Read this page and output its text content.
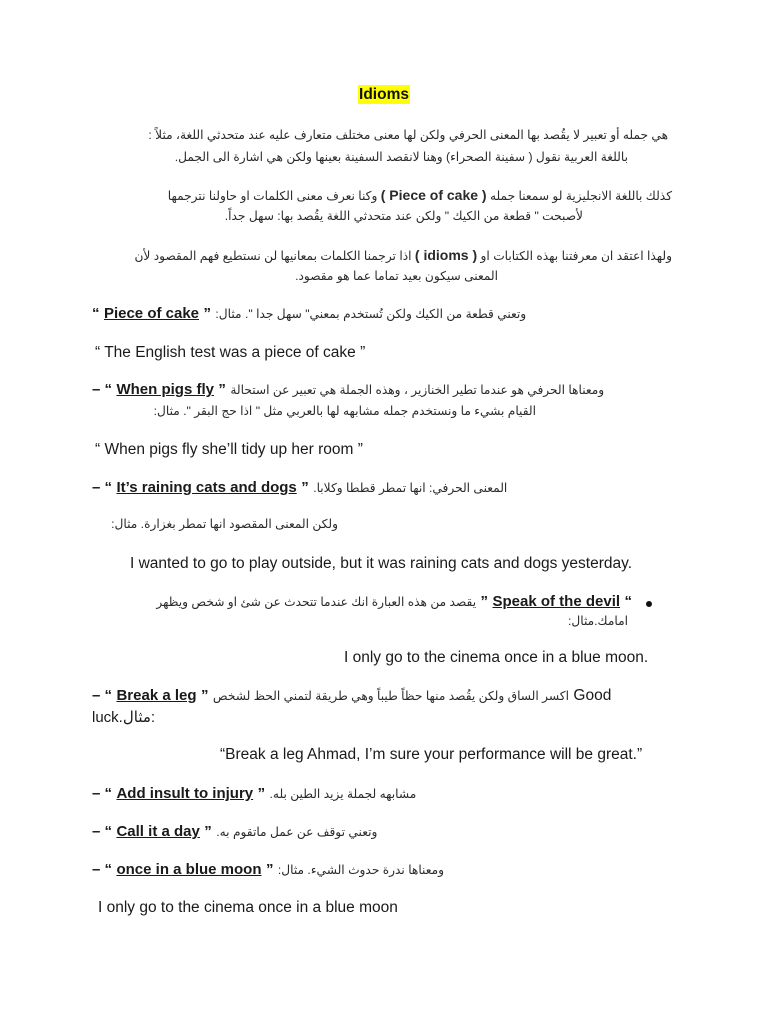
Idioms
هي جمله أو تعبير لا يقُصد بها المعنى الحرفي ولكن لها معنى مختلف متعارف عليه عند متحدثي اللغة، مثلاً :
باللغة العربية نقول ( سفينة الصحراء) وهنا لانقصد السفينة بعينها ولكن هي اشارة الى الجمل.
وكنا نعرف معنى الكلمات او حاولنا نترجمها ( Piece of cake ) كذلك باللغة الانجليزية لو سمعنا جمله
لأصبحت " قطعة من الكيك " ولكن عند متحدثي اللغة يقُصد بها: سهل جداً.
اذا ترجمنا الكلمات بمعانيها لن نستطيع فهم المقصود لأن ( idioms ) ولهذا اعتقد ان معرفتنا بهذه الكتابات او
المعنى سيكون بعيد تماما عما هو مقصود.
“ Piece of cake ” وتعني قطعة من الكيك ولكن تُستخدم بمعني" سهل جدا ". مثال:
“ The English test was a piece of cake ”
– “ When pigs fly ” ومعناها الحرفي هو عندما تطير الخنازير ، وهذه الجملة هي تعبير عن استحالة
القيام بشيء ما ونستخدم جمله مشابهه لها بالعربي مثل " اذا حج البقر ". مثال:
“ When pigs fly she’ll tidy up her room ”
– “ It’s raining cats and dogs ” المعنى الحرفي: انها تمطر قططا وكلابا.
ولكن المعنى المقصود انها تمطر بغزارة. مثال:
I wanted to go to play outside, but it was raining cats and dogs yesterday.
“ Speak of the devil ” يقصد من هذه العبارة انك عندما تتحدث عن شئ او شخص ويظهر
امامك.مثال:
I only go to the cinema once in a blue moon.
– “ Break a leg ” اكسر الساق ولكن يقُصد منها حظاً طيباً وهي طريقة لتمني الحظ لشخص Good
luck.مثال:
“Break a leg Ahmad, I’m sure your performance will be great.”
– “ Add insult to injury ” مشابهه لجملة يزيد الطين بله.
– “ Call it a day ” وتعني توقف عن عمل ماتقوم به.
– “ once in a blue moon ” ومعناها ندرة حدوث الشيء. مثال:
I only go to the cinema once in a blue moon
